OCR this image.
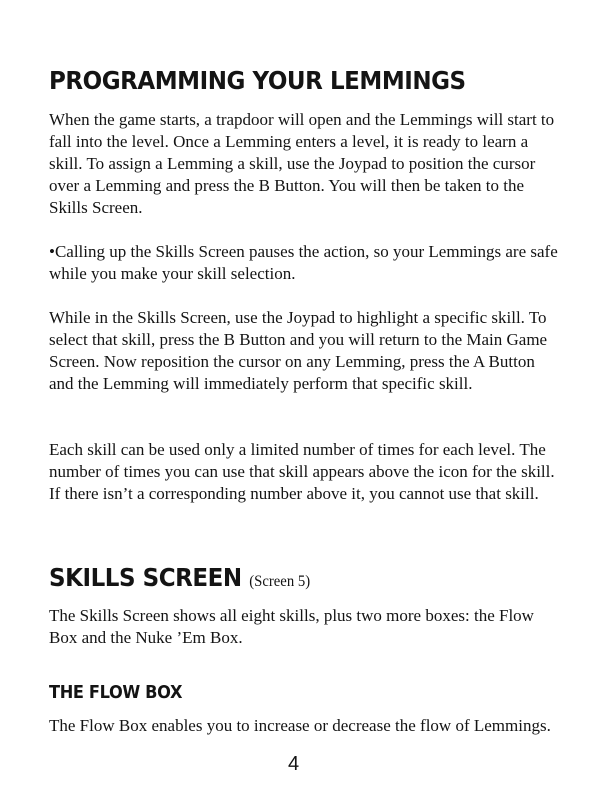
PROGRAMMING YOUR LEMMINGS

When the game starts, a trapdoor will open and the Lemmings will start to fall into the level. Once a Lemming enters a level, it is ready to learn a skill. To assign a Lemming a skill, use the Joypad to position the cursor over a Lemming and press the B Button. You will then be taken to the Skills Screen.

•Calling up the Skills Screen pauses the action, so your Lemmings are safe while you make your skill selection.

While in the Skills Screen, use the Joypad to highlight a specific skill. To select that skill, press the B Button and you will return to the Main Game Screen. Now reposition the cursor on any Lemming, press the A Button and the Lemming will immediately perform that specific skill.

Each skill can be used only a limited number of times for each level. The number of times you can use that skill appears above the icon for the skill. If there isn’t a corresponding number above it, you cannot use that skill.

SKILLS SCREEN (Screen 5)

The Skills Screen shows all eight skills, plus two more boxes: the Flow Box and the Nuke ’Em Box.

THE FLOW BOX

The Flow Box enables you to increase or decrease the flow of Lemmings.

4
